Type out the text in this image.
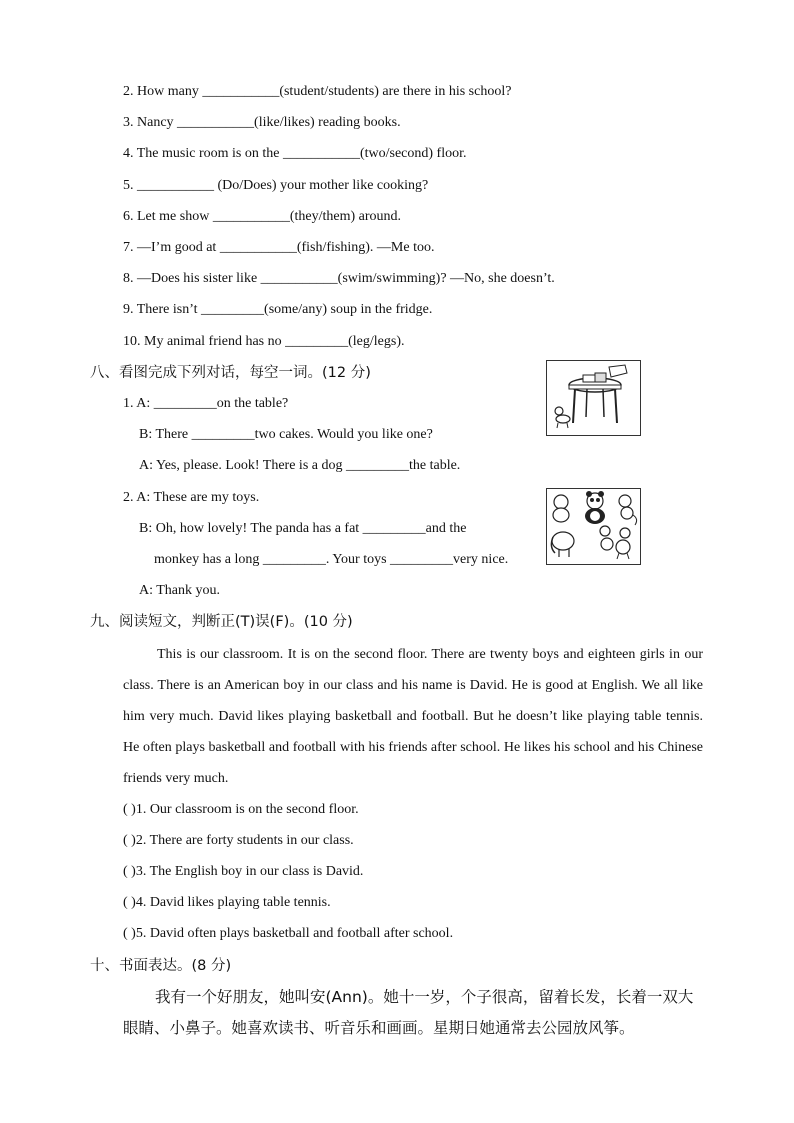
2. How many ___________(student/students) are there in his school?
3. Nancy ___________(like/likes) reading books.
4. The music room is on the ___________(two/second) floor.
5. ___________ (Do/Does) your mother like cooking?
6. Let me show ___________(they/them) around.
7. —I’m good at ___________(fish/fishing). —Me too.
8. —Does his sister like ___________(swim/swimming)? —No, she doesn’t.
9. There isn’t _________(some/any) soup in the fridge.
10. My animal friend has no _________(leg/legs).
八、看图完成下列对话，每空一词。(12 分)
1. A: _________on the table?
B: There _________two cakes. Would you like one?
A: Yes, please. Look! There is a dog _________the table.
2. A: These are my toys.
B: Oh, how lovely! The panda has a fat _________and the
monkey has a long _________. Your toys _________very nice.
A: Thank you.
九、阅读短文，判断正(T)误(F)。(10 分)
This is our classroom. It is on the second floor. There are twenty boys and eighteen girls in our class. There is an American boy in our class and his name is David. He is good at English. We all like him very much. David likes playing basketball and football. But he doesn’t like playing table tennis. He often plays basketball and football with his friends after school. He likes his school and his Chinese friends very much.
( )1. Our classroom is on the second floor.
( )2. There are forty students in our class.
( )3. The English boy in our class is David.
( )4. David likes playing table tennis.
( )5. David often plays basketball and football after school.
十、书面表达。(8 分)
我有一个好朋友，她叫安(Ann)。她十一岁，个子很高，留着长发，长着一双大眼睛、小鼻子。她喜欢读书、听音乐和画画。星期日她通常去公园放风筝。
